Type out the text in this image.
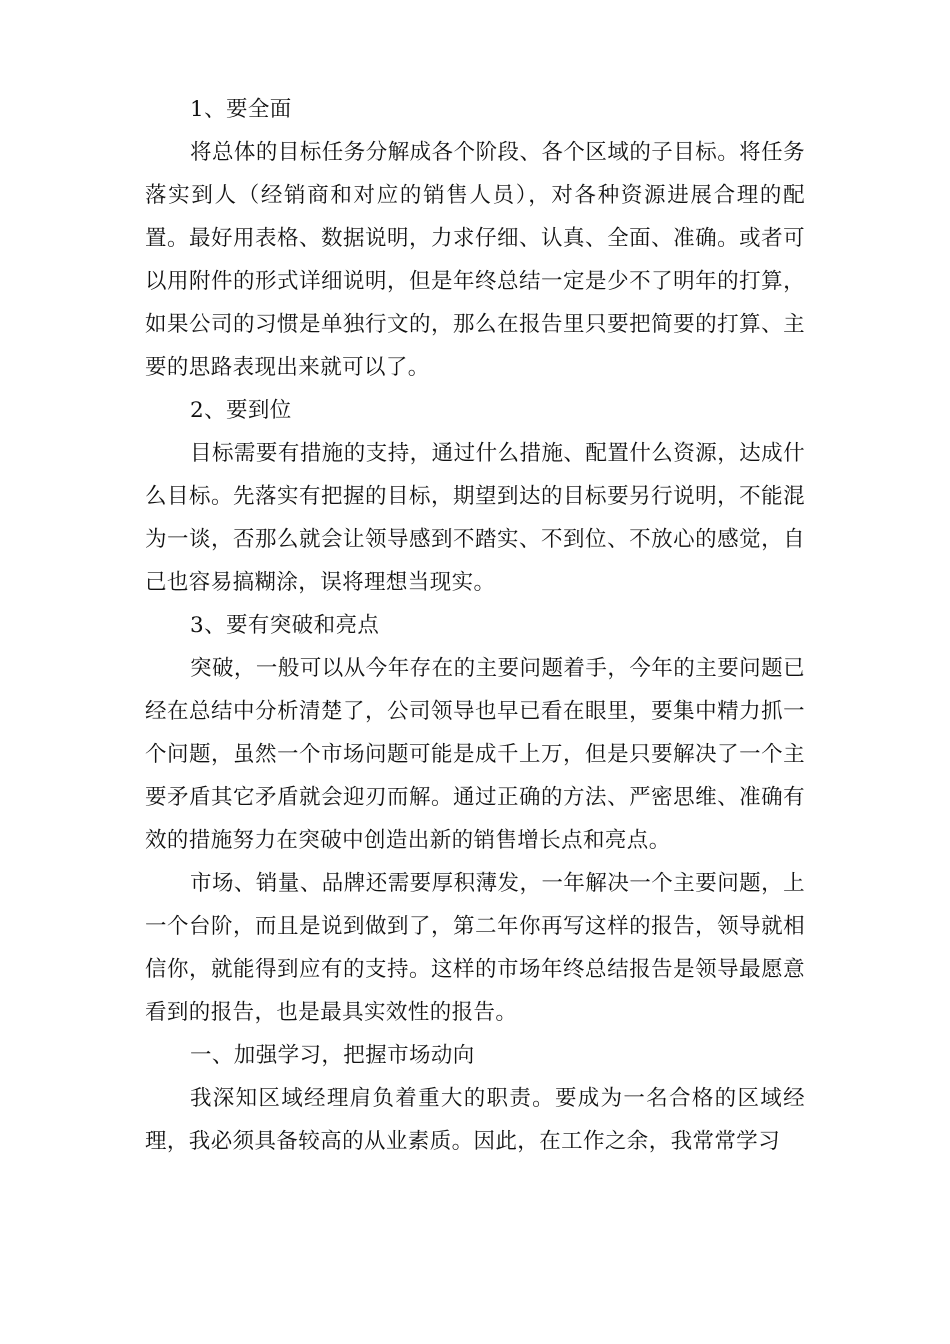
1、要全面

将总体的目标任务分解成各个阶段、各个区域的子目标。将任务落实到人（经销商和对应的销售人员），对各种资源进展合理的配置。最好用表格、数据说明，力求仔细、认真、全面、准确。或者可以用附件的形式详细说明，但是年终总结一定是少不了明年的打算，如果公司的习惯是单独行文的，那么在报告里只要把简要的打算、主要的思路表现出来就可以了。

2、要到位

目标需要有措施的支持，通过什么措施、配置什么资源，达成什么目标。先落实有把握的目标，期望到达的目标要另行说明，不能混为一谈，否那么就会让领导感到不踏实、不到位、不放心的感觉，自己也容易搞糊涂，误将理想当现实。

3、要有突破和亮点

突破，一般可以从今年存在的主要问题着手，今年的主要问题已经在总结中分析清楚了，公司领导也早已看在眼里，要集中精力抓一个问题，虽然一个市场问题可能是成千上万，但是只要解决了一个主要矛盾其它矛盾就会迎刃而解。通过正确的方法、严密思维、准确有效的措施努力在突破中创造出新的销售增长点和亮点。

市场、销量、品牌还需要厚积薄发，一年解决一个主要问题，上一个台阶，而且是说到做到了，第二年你再写这样的报告，领导就相信你，就能得到应有的支持。这样的市场年终总结报告是领导最愿意看到的报告，也是最具实效性的报告。

一、加强学习，把握市场动向

我深知区域经理肩负着重大的职责。要成为一名合格的区域经理，我必须具备较高的从业素质。因此，在工作之余，我常常学习
